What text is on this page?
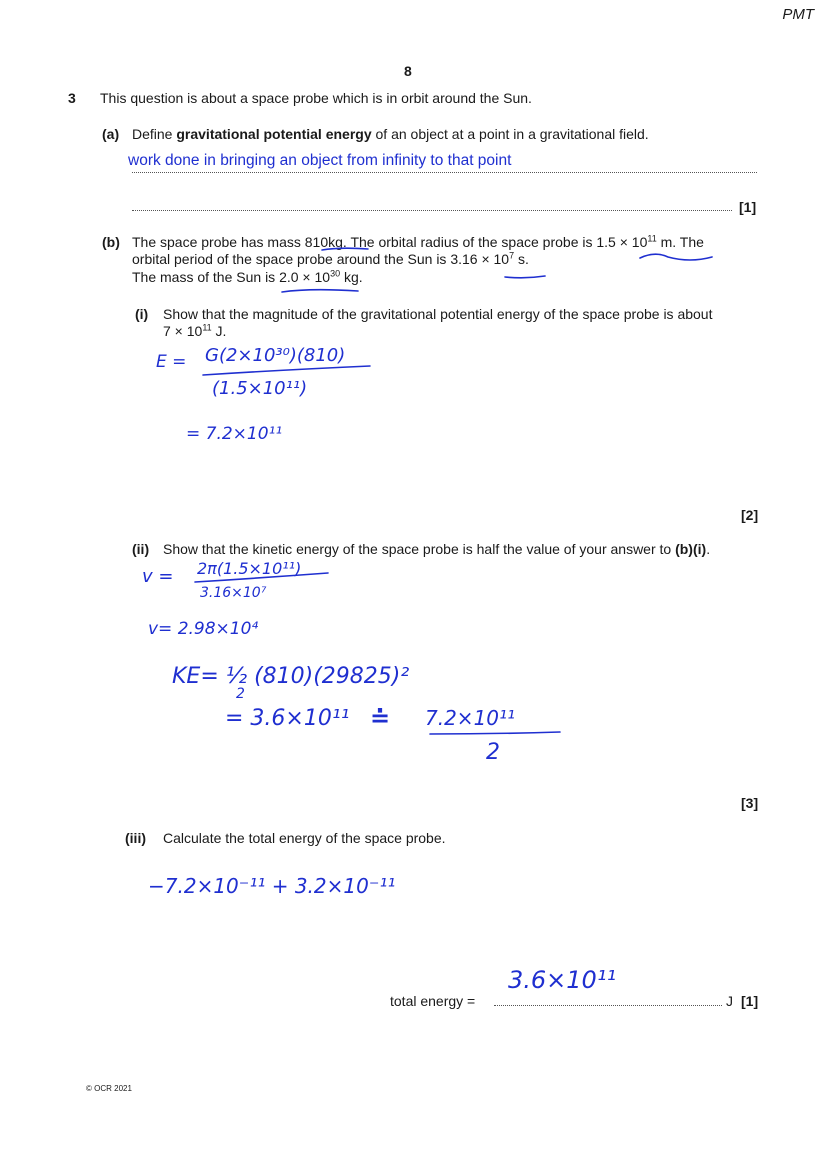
PMT
8
3 This question is about a space probe which is in orbit around the Sun.
(a) Define gravitational potential energy of an object at a point in a gravitational field.
work done in bringing an object from infinity to that point
[1]
(b) The space probe has mass 810kg. The orbital radius of the space probe is $1.5 \times 10^{11}$ m. The
orbital period of the space probe around the Sun is $3.16 \times 10^7$ s.
The mass of the Sun is $2.0 \times 10^{30}$ kg.
(i) Show that the magnitude of the gravitational potential energy of the space probe is about
$7 \times 10^{11}$ J.
E = G(2×10³⁰)(810)
(1.5×10¹¹)
= 7.2×10¹¹
[2]
(ii) Show that the kinetic energy of the space probe is half the value of your answer to (b)(i).
v = 2π(1.5×10¹¹)
3.16×10⁷
v= 2.98×10⁴
KE= ½ (810)(29825)²
2
= 3.6×10¹¹ ≐ 7.2×10¹¹
2
[3]
(iii) Calculate the total energy of the space probe.
−7.2×10⁻¹¹ + 3.2×10⁻¹¹
total energy =
3.6×10¹¹
J [1]
© OCR 2021
